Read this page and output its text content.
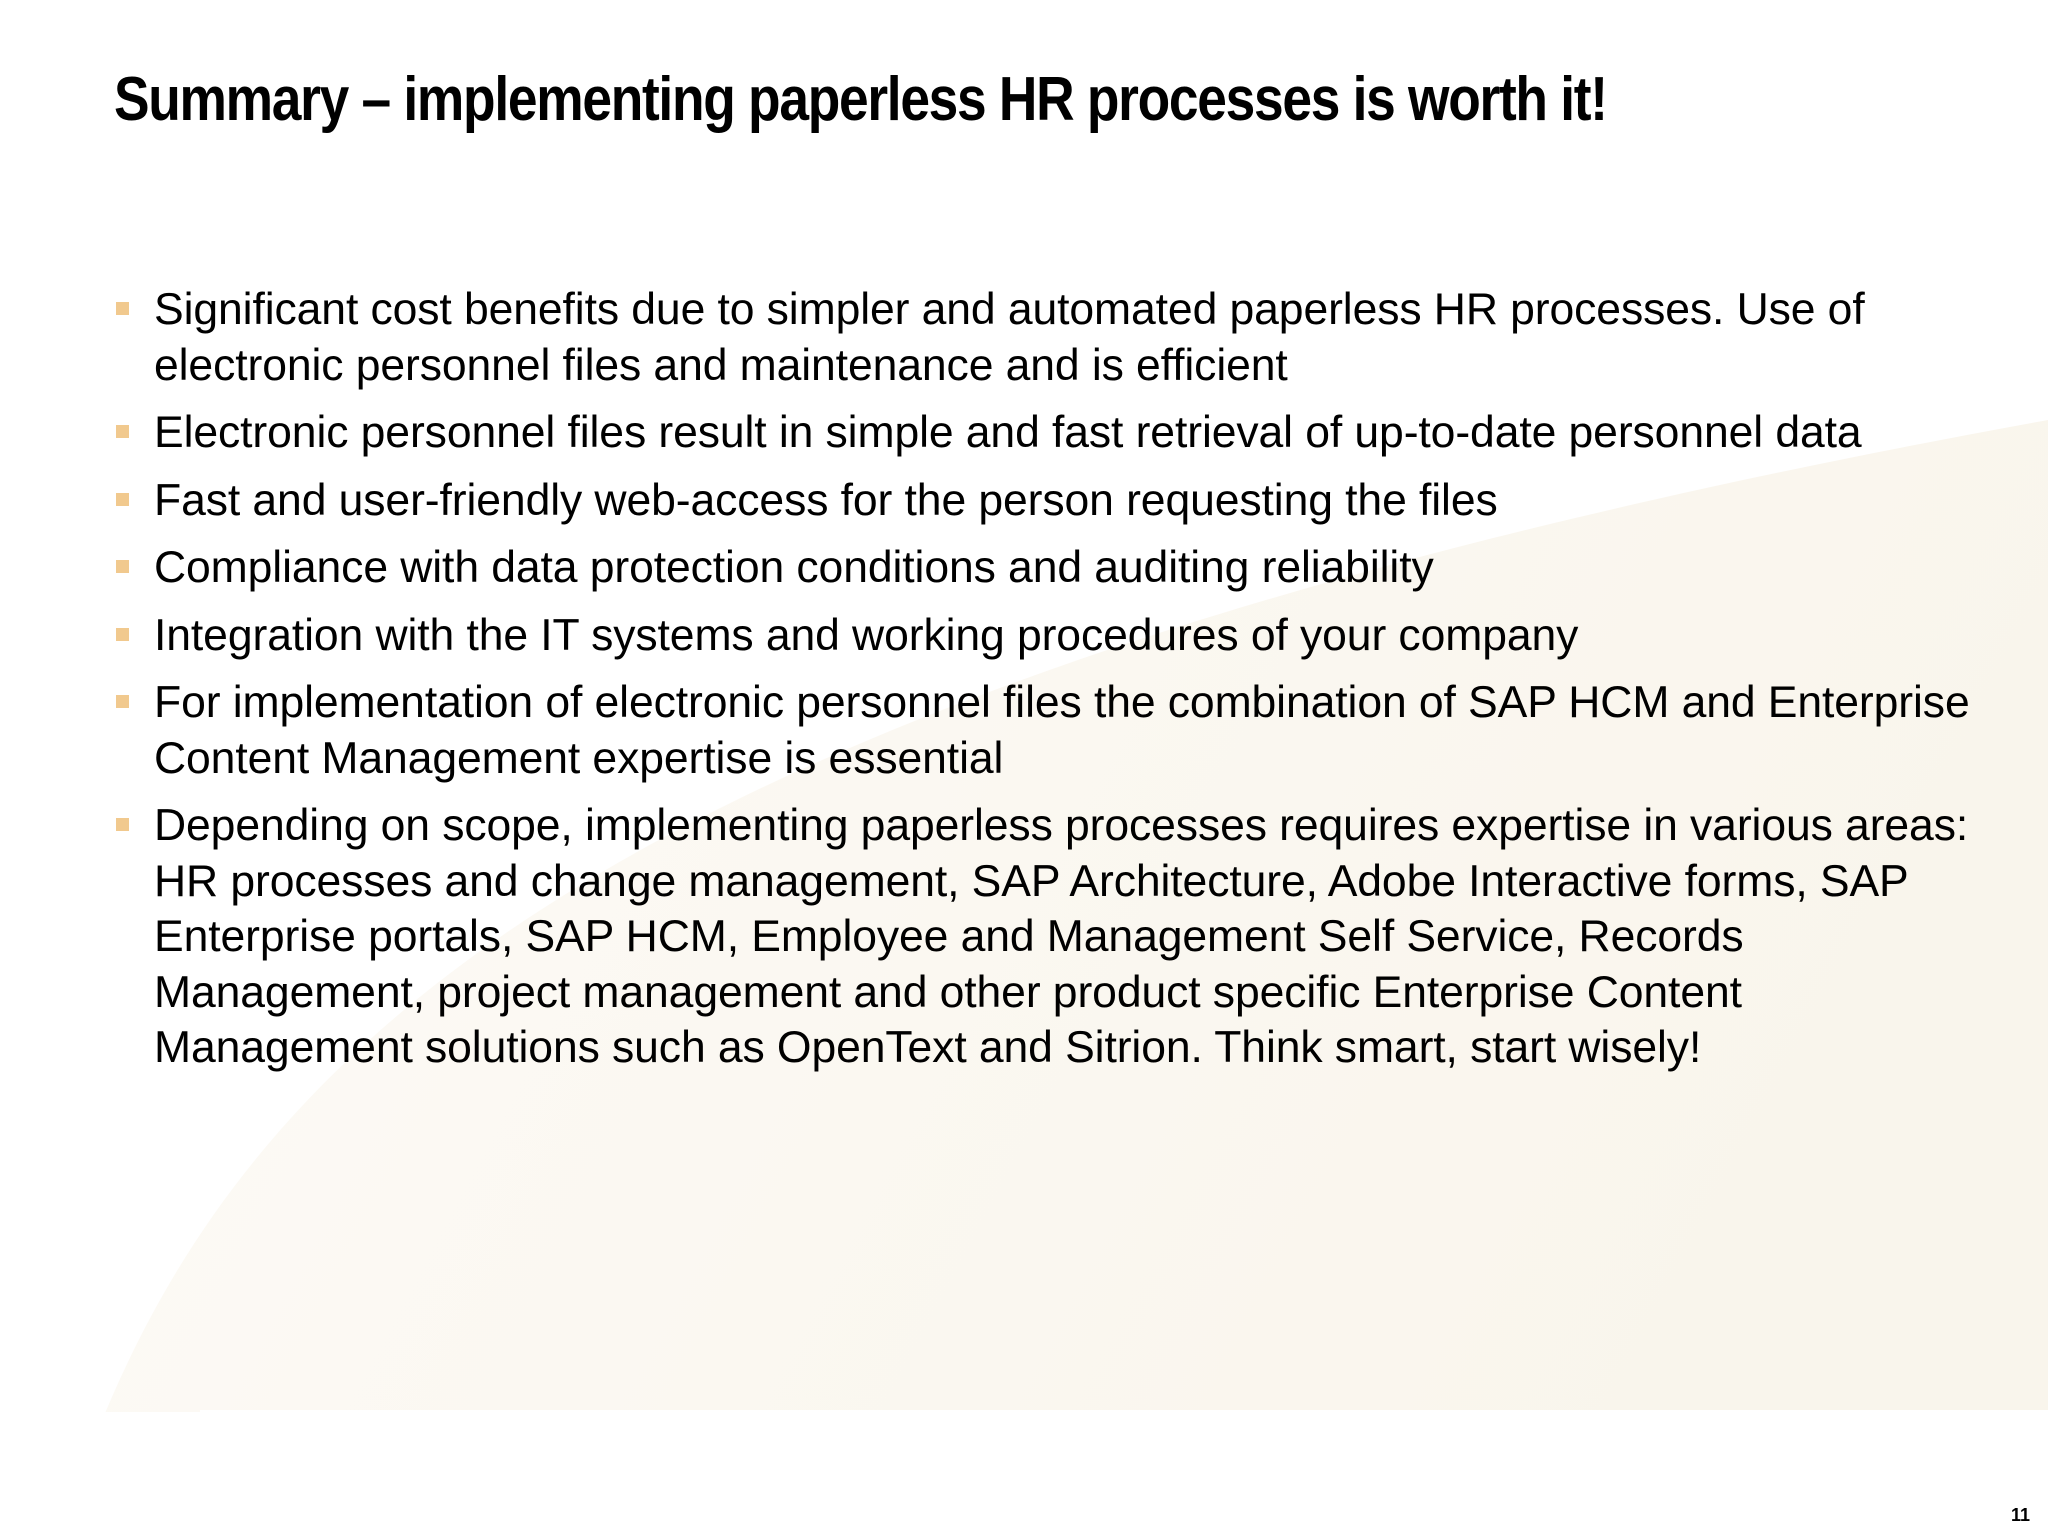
Summary – implementing paperless HR processes is worth it!
Significant cost benefits due to simpler and automated paperless HR processes. Use of electronic personnel files and maintenance and is efficient
Electronic personnel files result in simple and fast retrieval of up-to-date personnel data
Fast and user-friendly web-access for the person requesting the files
Compliance with data protection conditions and auditing reliability
Integration with the IT systems and working procedures of your company
For implementation of electronic personnel files the combination of SAP HCM and Enterprise Content Management expertise is essential
Depending on scope, implementing paperless processes requires expertise in various areas: HR processes and change management, SAP Architecture, Adobe Interactive forms, SAP Enterprise portals, SAP HCM, Employee and Management Self Service, Records Management, project management and other product specific Enterprise Content Management solutions such as OpenText and Sitrion. Think smart, start wisely!
11
